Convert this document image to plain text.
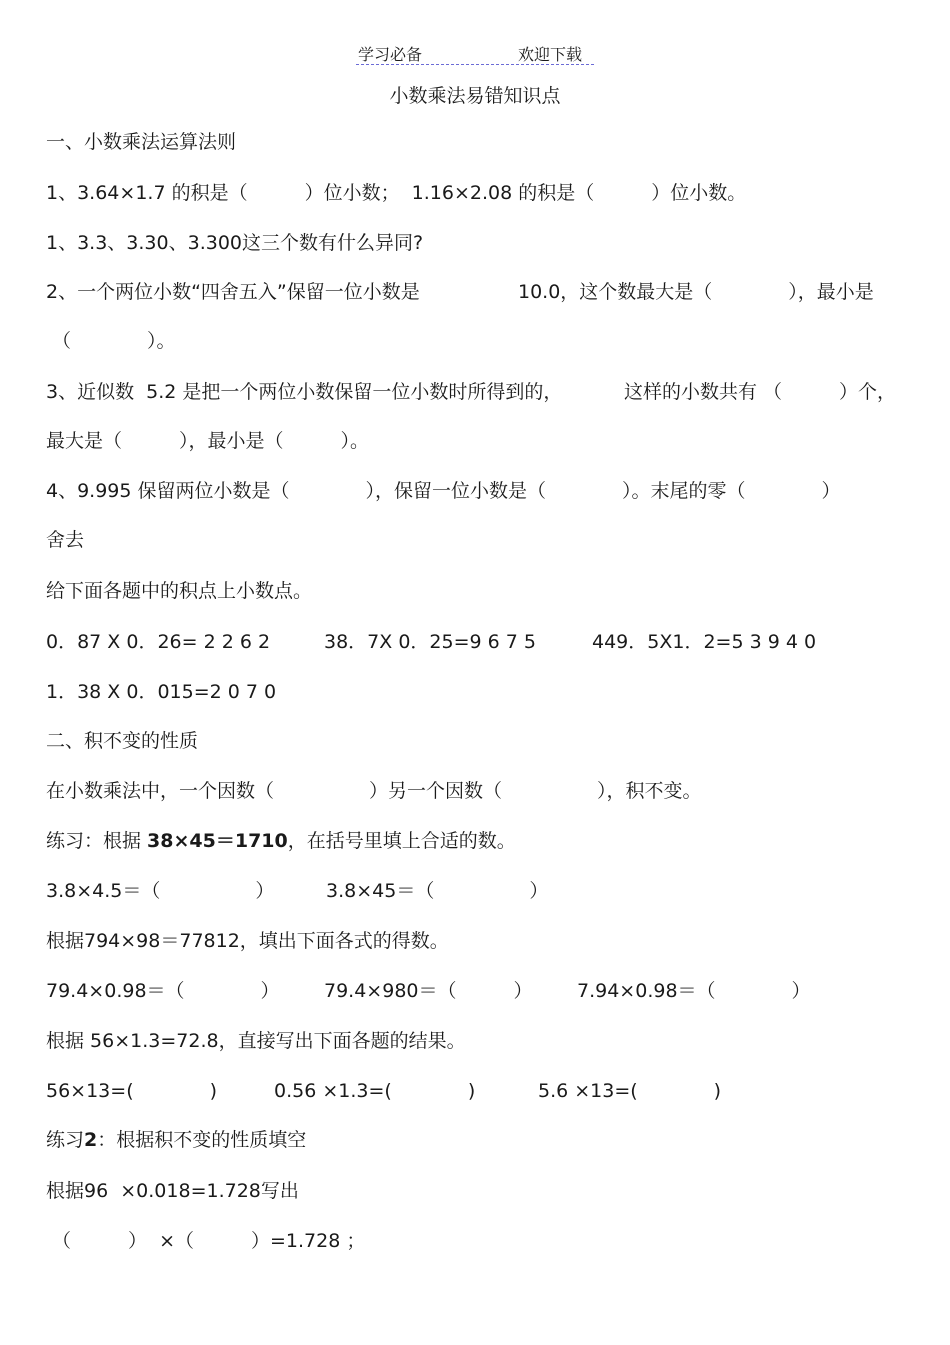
学习必备	欢迎下载
小数乘法易错知识点
一、小数乘法运算法则
1、3.64×1.7 的积是（　　　）位小数；  1.16×2.08 的积是（　　　）位小数。
1、3.3、3.30、3.300这三个数有什么异同?
2、一个两位小数“四舍五入”保留一位小数是	10.0，这个数最大是（　　　　），最小是
（　　　　）。
3、近似数  5.2 是把一个两位小数保留一位小数时所得到的，	这样的小数共有 （　　　）个，
最大是（　　　），最小是（　　　）。
4、9.995 保留两位小数是（　　　　），保留一位小数是（　　　　）。末尾的零（　　　　）
舍去
给下面各题中的积点上小数点。
0．87 X 0．26= 2 2 6 2	38．7X 0．25=9 6 7 5	449．5X1．2=5 3 9 4 0
1．38 X 0．015=2 0 7 0
二、积不变的性质
在小数乘法中，一个因数（　　　　　）另一个因数（　　　　　），积不变。
练习：根据 38×45＝1710，在括号里填上合适的数。
3.8×4.5＝（　　　　　）	3.8×45＝（　　　　　）
根据794×98＝77812，填出下面各式的得数。
79.4×0.98＝（　　　　） 79.4×980＝（　　　） 7.94×0.98＝（　　　　）
根据 56×1.3=72.8，直接写出下面各题的结果。
56×13=(　　　　)	0.56 ×1.3=(　　　　)	5.6 ×13=(　　　　)
练习2：根据积不变的性质填空
根据96  ×0.018=1.728写出
（　　　）  ×（　　　）=1.728 ；
